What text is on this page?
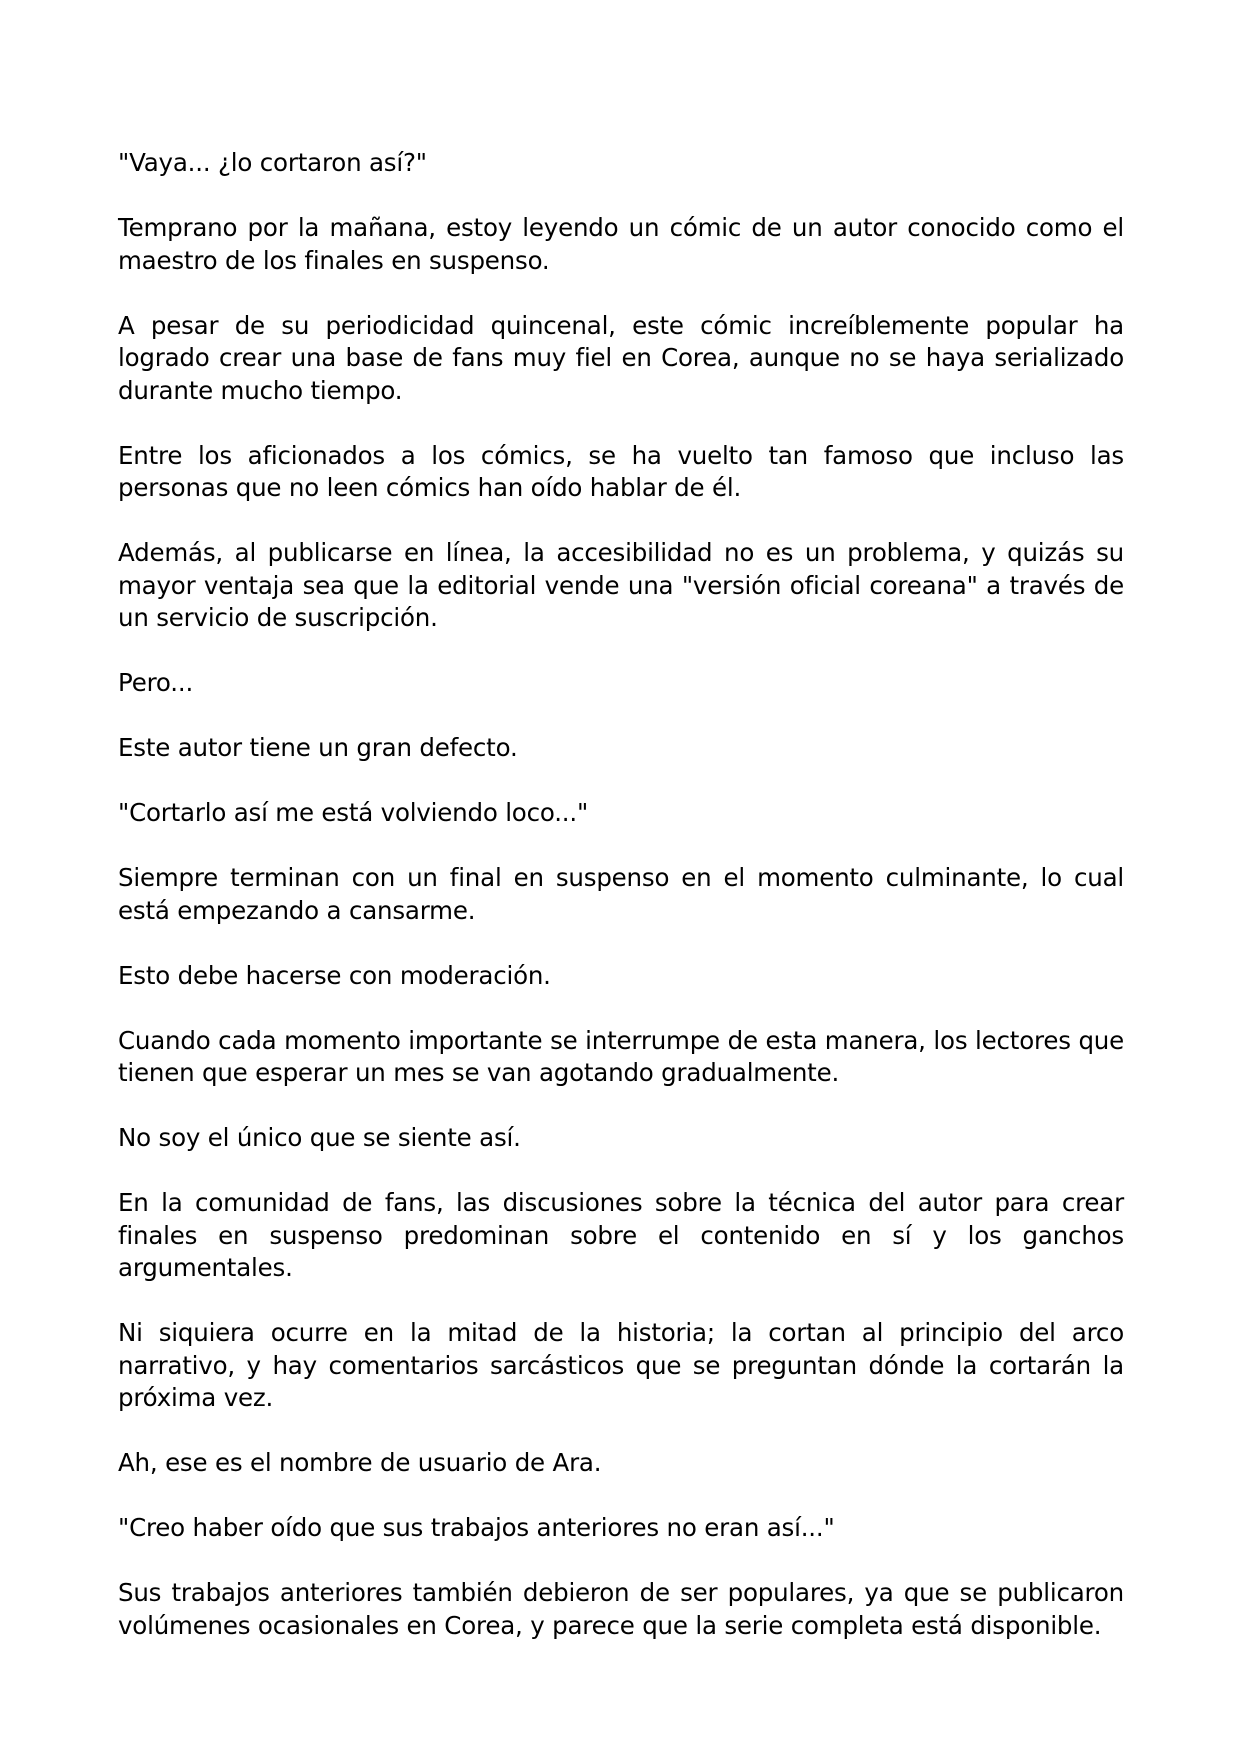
"Vaya... ¿lo cortaron así?"

Temprano por la mañana, estoy leyendo un cómic de un autor conocido como el maestro de los finales en suspenso.

A pesar de su periodicidad quincenal, este cómic increíblemente popular ha logrado crear una base de fans muy fiel en Corea, aunque no se haya serializado durante mucho tiempo.

Entre los aficionados a los cómics, se ha vuelto tan famoso que incluso las personas que no leen cómics han oído hablar de él.

Además, al publicarse en línea, la accesibilidad no es un problema, y quizás su mayor ventaja sea que la editorial vende una "versión oficial coreana" a través de un servicio de suscripción.

Pero...

Este autor tiene un gran defecto.

"Cortarlo así me está volviendo loco..."

Siempre terminan con un final en suspenso en el momento culminante, lo cual está empezando a cansarme.

Esto debe hacerse con moderación.

Cuando cada momento importante se interrumpe de esta manera, los lectores que tienen que esperar un mes se van agotando gradualmente.

No soy el único que se siente así.

En la comunidad de fans, las discusiones sobre la técnica del autor para crear finales en suspenso predominan sobre el contenido en sí y los ganchos argumentales.

Ni siquiera ocurre en la mitad de la historia; la cortan al principio del arco narrativo, y hay comentarios sarcásticos que se preguntan dónde la cortarán la próxima vez.

Ah, ese es el nombre de usuario de Ara.

"Creo haber oído que sus trabajos anteriores no eran así..."

Sus trabajos anteriores también debieron de ser populares, ya que se publicaron volúmenes ocasionales en Corea, y parece que la serie completa está disponible.
